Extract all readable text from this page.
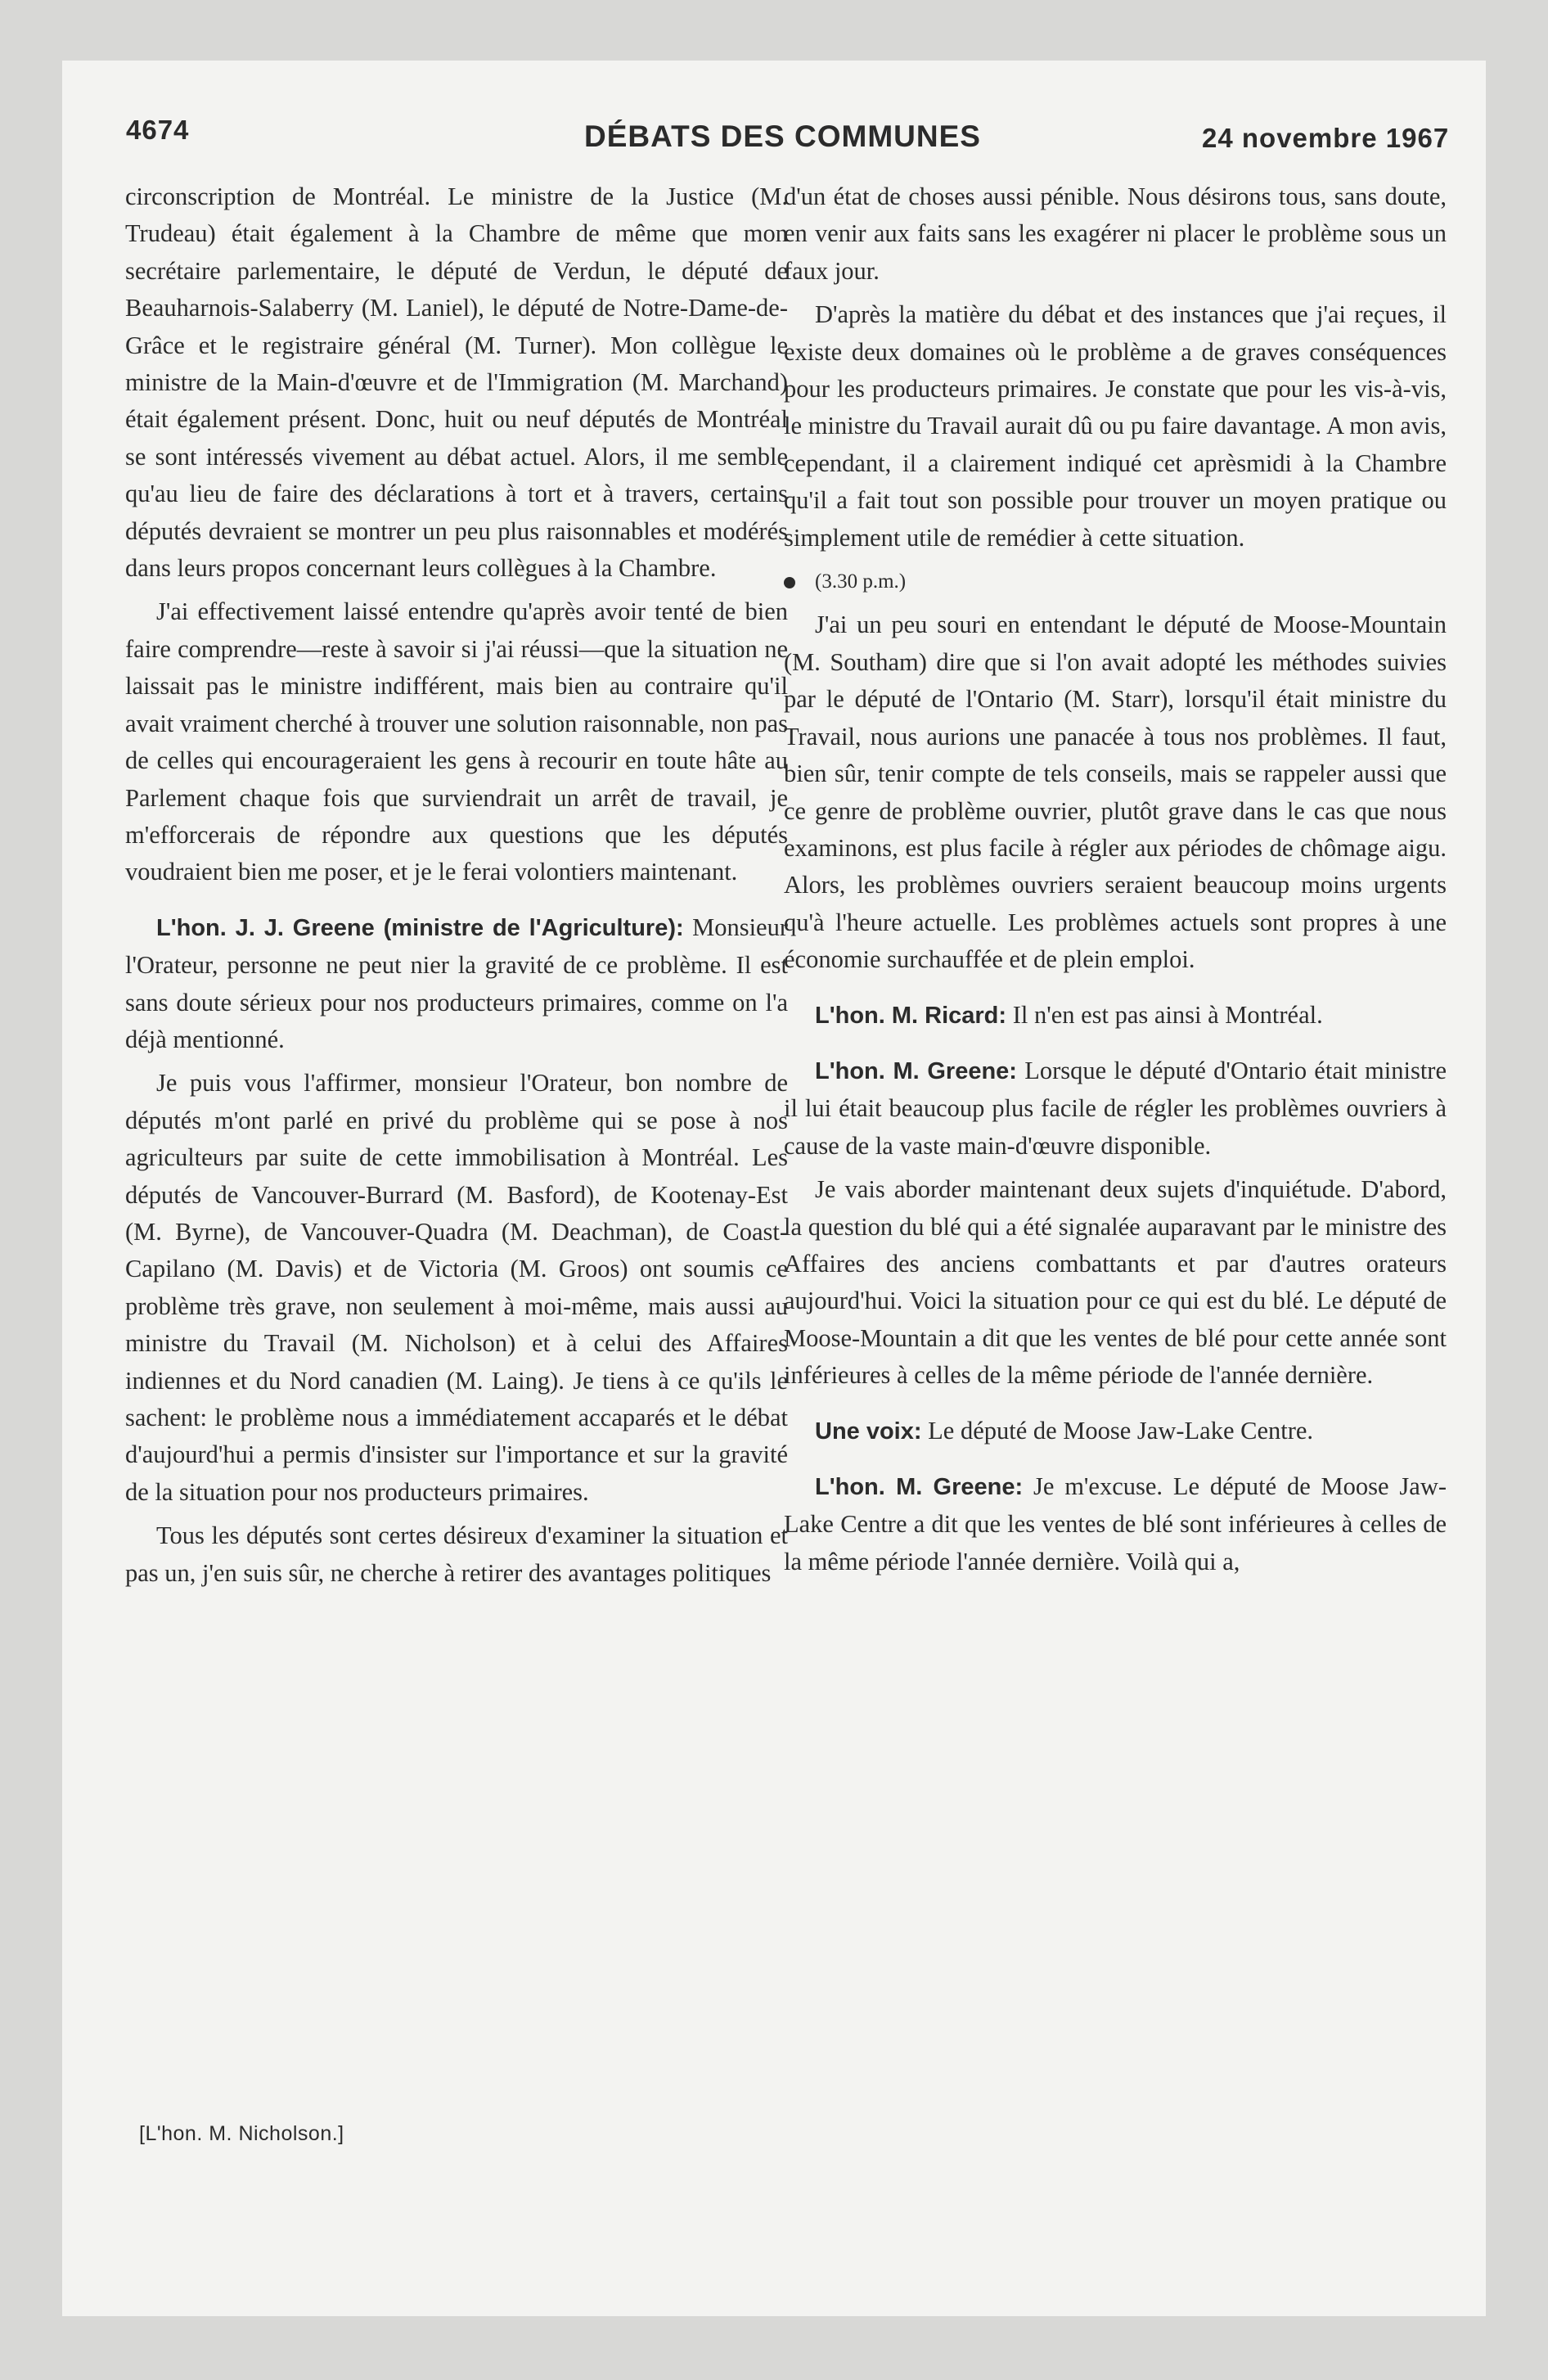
4674	DÉBATS DES COMMUNES	24 novembre 1967

circonscription de Montréal. Le ministre de la Justice (M. Trudeau) était également à la Chambre de même que mon secrétaire parlementaire, le député de Verdun, le député de Beauharnois-Salaberry (M. Laniel), le député de Notre-Dame-de-Grâce et le registraire général (M. Turner). Mon collègue le ministre de la Main-d'œuvre et de l'Immigration (M. Marchand) était également présent. Donc, huit ou neuf députés de Montréal se sont intéressés vivement au débat actuel. Alors, il me semble qu'au lieu de faire des déclarations à tort et à travers, certains députés devraient se montrer un peu plus raisonnables et modérés dans leurs propos concernant leurs collègues à la Chambre.

J'ai effectivement laissé entendre qu'après avoir tenté de bien faire comprendre—reste à savoir si j'ai réussi—que la situation ne laissait pas le ministre indifférent, mais bien au contraire qu'il avait vraiment cherché à trouver une solution raisonnable, non pas de celles qui encourageraient les gens à recourir en toute hâte au Parlement chaque fois que surviendrait un arrêt de travail, je m'efforcerais de répondre aux questions que les députés voudraient bien me poser, et je le ferai volontiers maintenant.

L'hon. J. J. Greene (ministre de l'Agriculture): Monsieur l'Orateur, personne ne peut nier la gravité de ce problème. Il est sans doute sérieux pour nos producteurs primaires, comme on l'a déjà mentionné.

Je puis vous l'affirmer, monsieur l'Orateur, bon nombre de députés m'ont parlé en privé du problème qui se pose à nos agriculteurs par suite de cette immobilisation à Montréal. Les députés de Vancouver-Burrard (M. Basford), de Kootenay-Est (M. Byrne), de Vancouver-Quadra (M. Deachman), de Coast-Capilano (M. Davis) et de Victoria (M. Groos) ont soumis ce problème très grave, non seulement à moi-même, mais aussi au ministre du Travail (M. Nicholson) et à celui des Affaires indiennes et du Nord canadien (M. Laing). Je tiens à ce qu'ils le sachent: le problème nous a immédiatement accaparés et le débat d'aujourd'hui a permis d'insister sur l'importance et sur la gravité de la situation pour nos producteurs primaires.

Tous les députés sont certes désireux d'examiner la situation et pas un, j'en suis sûr, ne cherche à retirer des avantages politiques

[L'hon. M. Nicholson.]

d'un état de choses aussi pénible. Nous désirons tous, sans doute, en venir aux faits sans les exagérer ni placer le problème sous un faux jour.

D'après la matière du débat et des instances que j'ai reçues, il existe deux domaines où le problème a de graves conséquences pour les producteurs primaires. Je constate que pour les vis-à-vis, le ministre du Travail aurait dû ou pu faire davantage. A mon avis, cependant, il a clairement indiqué cet aprèsmidi à la Chambre qu'il a fait tout son possible pour trouver un moyen pratique ou simplement utile de remédier à cette situation.

(3.30 p.m.)

J'ai un peu souri en entendant le député de Moose-Mountain (M. Southam) dire que si l'on avait adopté les méthodes suivies par le député de l'Ontario (M. Starr), lorsqu'il était ministre du Travail, nous aurions une panacée à tous nos problèmes. Il faut, bien sûr, tenir compte de tels conseils, mais se rappeler aussi que ce genre de problème ouvrier, plutôt grave dans le cas que nous examinons, est plus facile à régler aux périodes de chômage aigu. Alors, les problèmes ouvriers seraient beaucoup moins urgents qu'à l'heure actuelle. Les problèmes actuels sont propres à une économie surchauffée et de plein emploi.

L'hon. M. Ricard: Il n'en est pas ainsi à Montréal.

L'hon. M. Greene: Lorsque le député d'Ontario était ministre il lui était beaucoup plus facile de régler les problèmes ouvriers à cause de la vaste main-d'œuvre disponible.

Je vais aborder maintenant deux sujets d'inquiétude. D'abord, la question du blé qui a été signalée auparavant par le ministre des Affaires des anciens combattants et par d'autres orateurs aujourd'hui. Voici la situation pour ce qui est du blé. Le député de Moose-Mountain a dit que les ventes de blé pour cette année sont inférieures à celles de la même période de l'année dernière.

Une voix: Le député de Moose Jaw-Lake Centre.

L'hon. M. Greene: Je m'excuse. Le député de Moose Jaw-Lake Centre a dit que les ventes de blé sont inférieures à celles de la même période l'année dernière. Voilà qui a,
